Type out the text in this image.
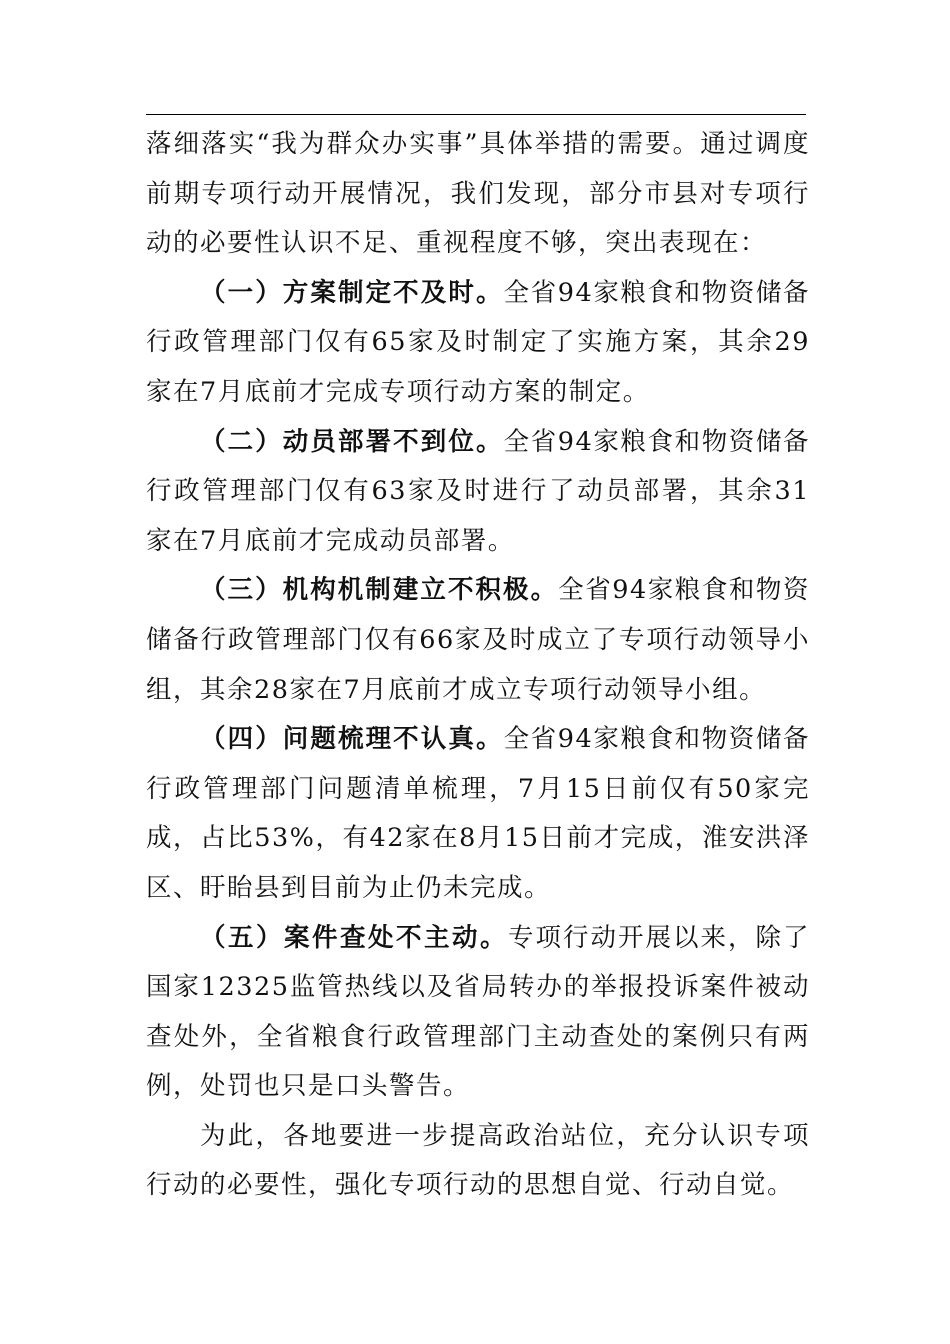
落细落实“我为群众办实事”具体举措的需要。通过调度前期专项行动开展情况，我们发现，部分市县对专项行动的必要性认识不足、重视程度不够，突出表现在：

（一）方案制定不及时。全省94家粮食和物资储备行政管理部门仅有65家及时制定了实施方案，其余29家在7月底前才完成专项行动方案的制定。

（二）动员部署不到位。全省94家粮食和物资储备行政管理部门仅有63家及时进行了动员部署，其余31家在7月底前才完成动员部署。

（三）机构机制建立不积极。全省94家粮食和物资储备行政管理部门仅有66家及时成立了专项行动领导小组，其余28家在7月底前才成立专项行动领导小组。

（四）问题梳理不认真。全省94家粮食和物资储备行政管理部门问题清单梳理，7月15日前仅有50家完成，占比53%，有42家在8月15日前才完成，淮安洪泽区、盱眙县到目前为止仍未完成。

（五）案件查处不主动。专项行动开展以来，除了国家12325监管热线以及省局转办的举报投诉案件被动查处外，全省粮食行政管理部门主动查处的案例只有两例，处罚也只是口头警告。

为此，各地要进一步提高政治站位，充分认识专项行动的必要性，强化专项行动的思想自觉、行动自觉。
